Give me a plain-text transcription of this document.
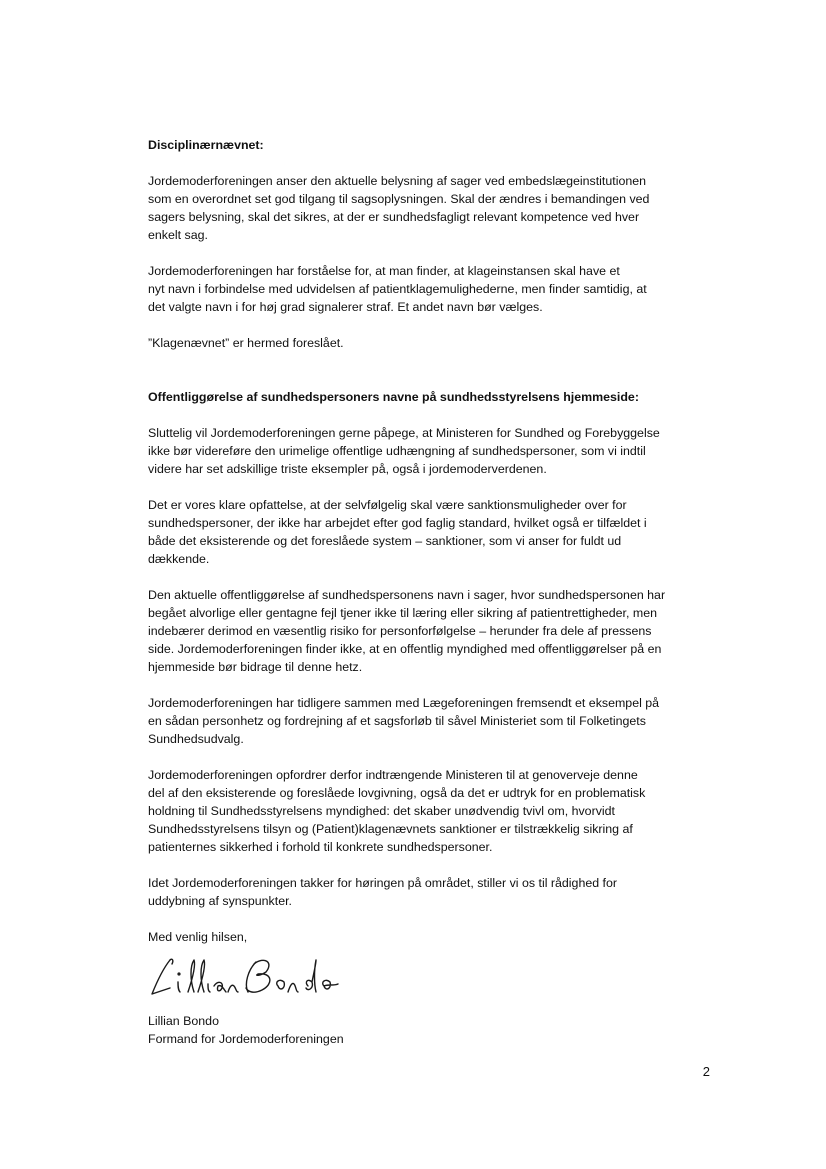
Disciplinærnævnet:

Jordemoderforeningen anser den aktuelle belysning af sager ved embedslægeinstitutionen
som en overordnet set god tilgang til sagsoplysningen. Skal der ændres i bemandingen ved
sagers belysning, skal det sikres, at der er sundhedsfagligt relevant kompetence ved hver
enkelt sag.

Jordemoderforeningen har forståelse for, at man finder, at klageinstansen skal have et
nyt navn i forbindelse med udvidelsen af patientklagemulighederne, men finder samtidig, at
det valgte navn i for høj grad signalerer straf. Et andet navn bør vælges.

”Klagenævnet” er hermed foreslået.

Offentliggørelse af sundhedspersoners navne på sundhedsstyrelsens hjemmeside:

Sluttelig vil Jordemoderforeningen gerne påpege, at Ministeren for Sundhed og Forebyggelse
ikke bør videreføre den urimelige offentlige udhængning af sundhedspersoner, som vi indtil
videre har set adskillige triste eksempler på, også i jordemoderverdenen.

Det er vores klare opfattelse, at der selvfølgelig skal være sanktionsmuligheder over for
sundhedspersoner, der ikke har arbejdet efter god faglig standard, hvilket også er tilfældet i
både det eksisterende og det foreslåede system – sanktioner, som vi anser for fuldt ud
dækkende.

Den aktuelle offentliggørelse af sundhedspersonens navn i sager, hvor sundhedspersonen har
begået alvorlige eller gentagne fejl tjener ikke til læring eller sikring af patientrettigheder, men
indebærer derimod en væsentlig risiko for personforfølgelse – herunder fra dele af pressens
side. Jordemoderforeningen finder ikke, at en offentlig myndighed med offentliggørelser på en
hjemmeside bør bidrage til denne hetz.

Jordemoderforeningen har tidligere sammen med Lægeforeningen fremsendt et eksempel på
en sådan personhetz og fordrejning af et sagsforløb til såvel Ministeriet som til Folketingets
Sundhedsudvalg.

Jordemoderforeningen opfordrer derfor indtrængende Ministeren til at genoverveje denne
del af den eksisterende og foreslåede lovgivning, også da det er udtryk for en problematisk
holdning til Sundhedsstyrelsens myndighed: det skaber unødvendig tvivl om, hvorvidt
Sundhedsstyrelsens tilsyn og (Patient)klagenævnets sanktioner er tilstrækkelig sikring af
patienternes sikkerhed i forhold til konkrete sundhedspersoner.

Idet Jordemoderforeningen takker for høringen på området, stiller vi os til rådighed for
uddybning af synspunkter.

Med venlig hilsen,

Lillian Bondo
Formand for Jordemoderforeningen
2
